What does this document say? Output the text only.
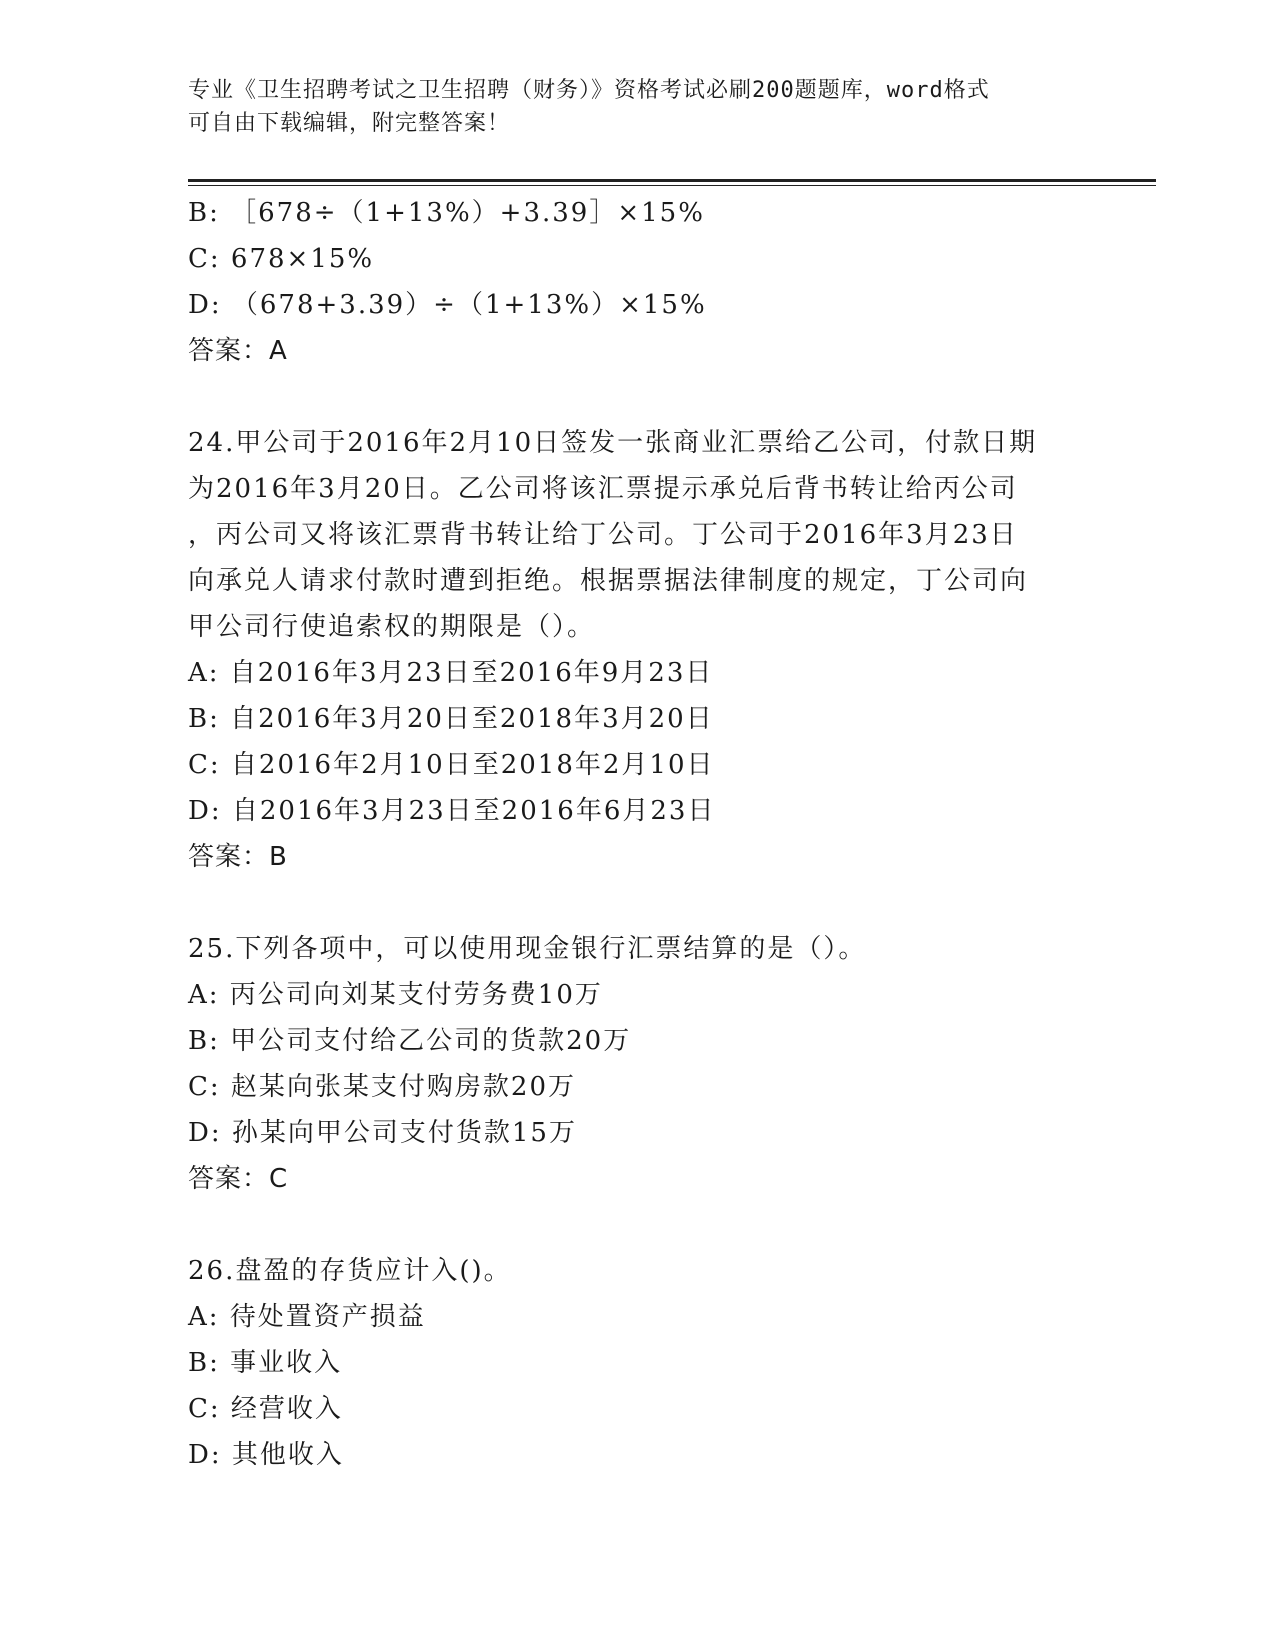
专业《卫生招聘考试之卫生招聘（财务）》资格考试必刷200题题库，word格式
可自由下载编辑，附完整答案！
B: ［678÷（1+13%）+3.39］×15%
C: 678×15%
D: （678+3.39）÷（1+13%）×15%
答案：A
24.甲公司于2016年2月10日签发一张商业汇票给乙公司，付款日期
为2016年3月20日。乙公司将该汇票提示承兑后背书转让给丙公司
，丙公司又将该汇票背书转让给丁公司。丁公司于2016年3月23日
向承兑人请求付款时遭到拒绝。根据票据法律制度的规定，丁公司向
甲公司行使追索权的期限是（）。
A: 自2016年3月23日至2016年9月23日
B: 自2016年3月20日至2018年3月20日
C: 自2016年2月10日至2018年2月10日
D: 自2016年3月23日至2016年6月23日
答案：B
25.下列各项中，可以使用现金银行汇票结算的是（）。
A: 丙公司向刘某支付劳务费10万
B: 甲公司支付给乙公司的货款20万
C: 赵某向张某支付购房款20万
D: 孙某向甲公司支付货款15万
答案：C
26.盘盈的存货应计入()。
A: 待处置资产损益
B: 事业收入
C: 经营收入
D: 其他收入
